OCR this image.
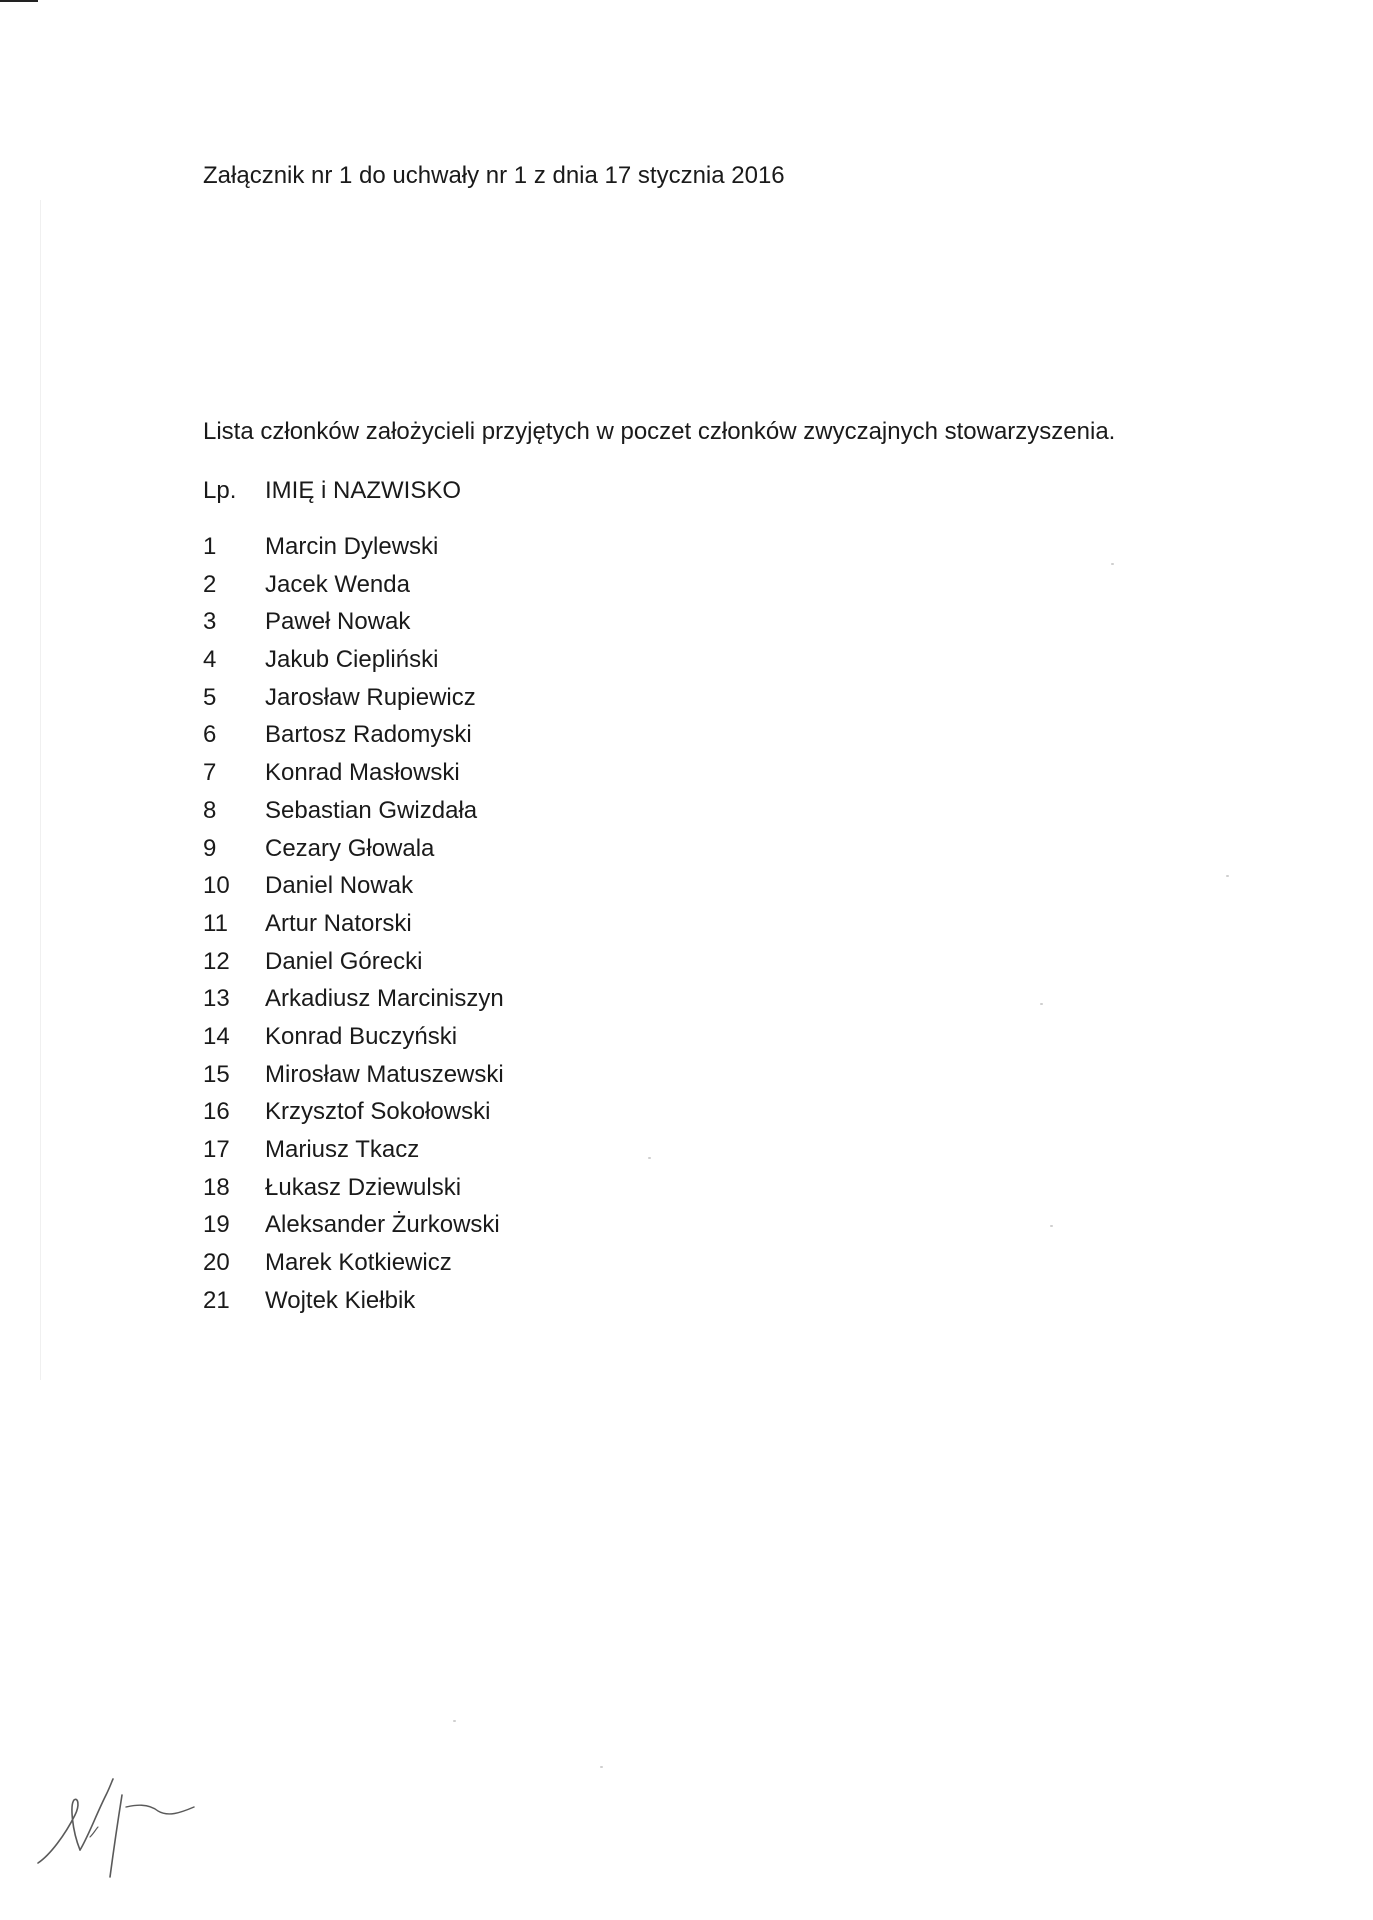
Załącznik nr 1 do uchwały nr 1 z dnia 17 stycznia 2016
Lista członków założycieli przyjętych w poczet członków zwyczajnych stowarzyszenia.
Lp. IMIĘ i NAZWISKO
1 Marcin Dylewski
2 Jacek Wenda
3 Paweł Nowak
4 Jakub Ciepliński
5 Jarosław Rupiewicz
6 Bartosz Radomyski
7 Konrad Masłowski
8 Sebastian Gwizdała
9 Cezary Głowala
10 Daniel Nowak
11 Artur Natorski
12 Daniel Górecki
13 Arkadiusz Marciniszyn
14 Konrad Buczyński
15 Mirosław Matuszewski
16 Krzysztof Sokołowski
17 Mariusz Tkacz
18 Łukasz Dziewulski
19 Aleksander Żurkowski
20 Marek Kotkiewicz
21 Wojtek Kiełbik
